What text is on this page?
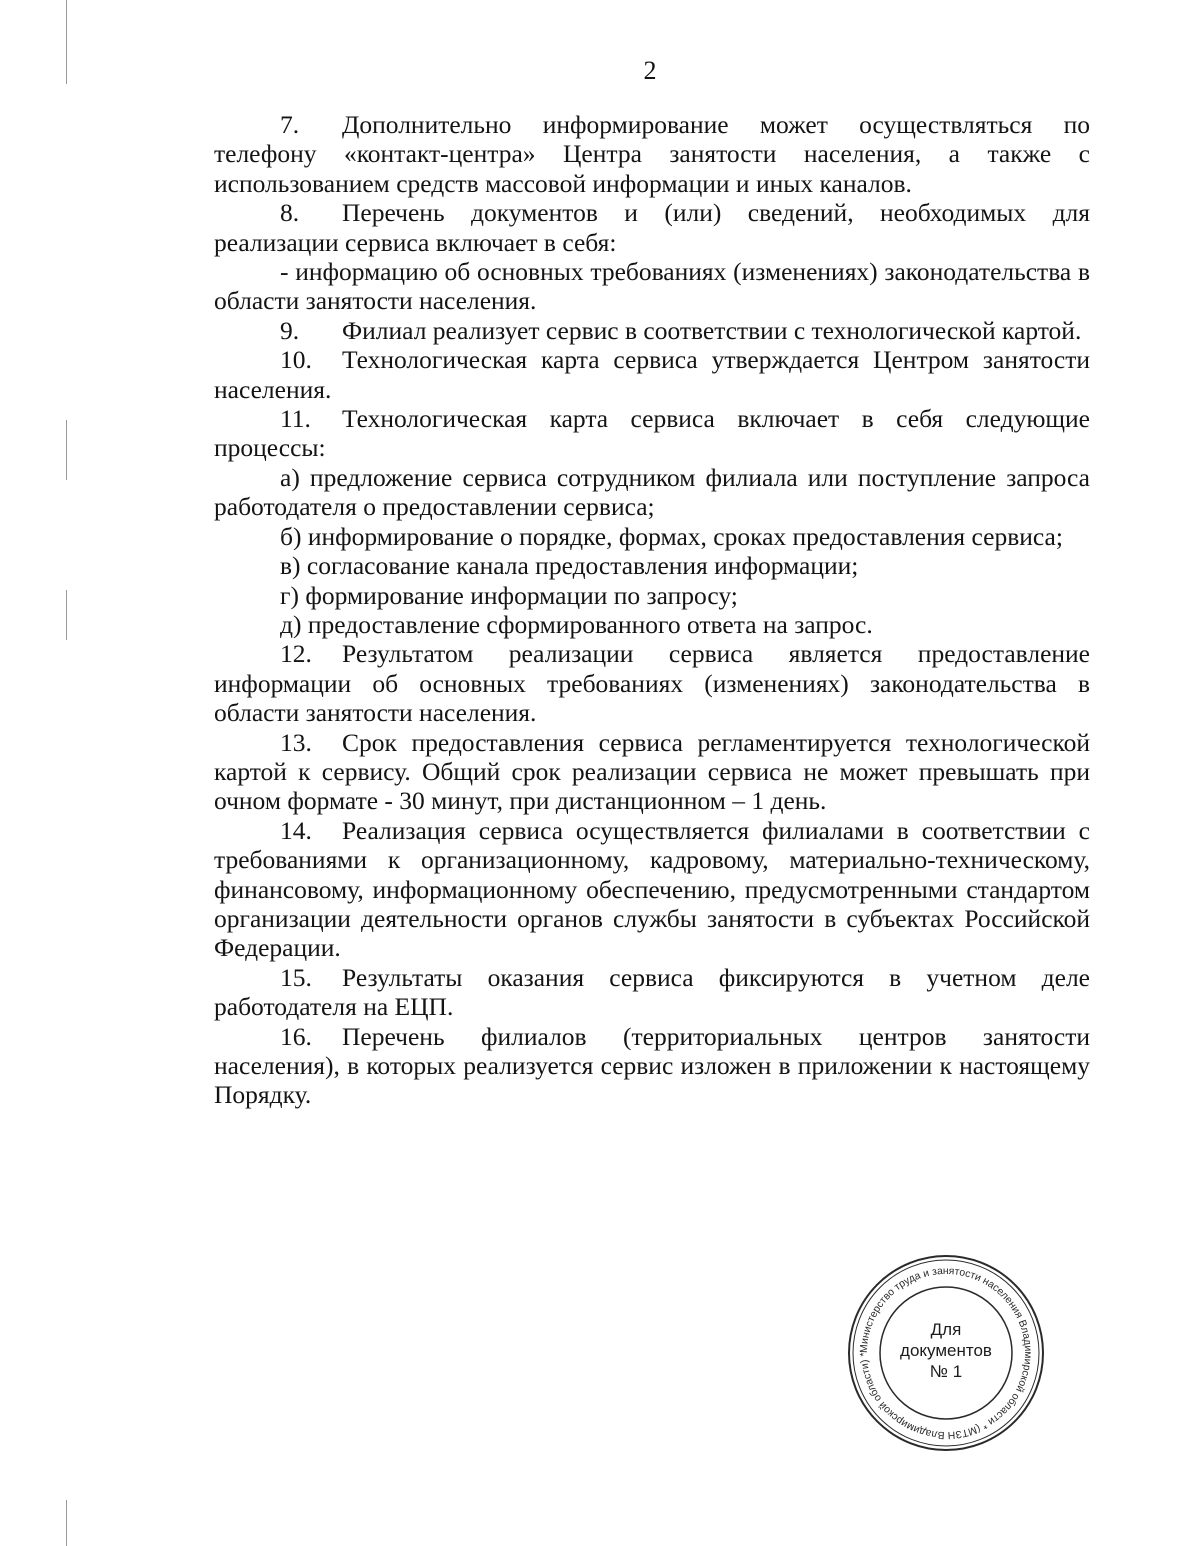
2

7. Дополнительно информирование может осуществляться по телефону «контакт-центра» Центра занятости населения, а также с использованием средств массовой информации и иных каналов.

8. Перечень документов и (или) сведений, необходимых для реализации сервиса включает в себя:

- информацию об основных требованиях (изменениях) законодательства в области занятости населения.

9. Филиал реализует сервис в соответствии с технологической картой.

10. Технологическая карта сервиса утверждается Центром занятости населения.

11. Технологическая карта сервиса включает в себя следующие процессы:

а) предложение сервиса сотрудником филиала или поступление запроса работодателя о предоставлении сервиса;

б) информирование о порядке, формах, сроках предоставления сервиса;

в) согласование канала предоставления информации;

г) формирование информации по запросу;

д) предоставление сформированного ответа на запрос.

12. Результатом реализации сервиса является предоставление информации об основных требованиях (изменениях) законодательства в области занятости населения.

13. Срок предоставления сервиса регламентируется технологической картой к сервису. Общий срок реализации сервиса не может превышать при очном формате - 30 минут, при дистанционном – 1 день.

14. Реализация сервиса осуществляется филиалами в соответствии с требованиями к организационному, кадровому, материально-техническому, финансовому, информационному обеспечению, предусмотренными стандартом организации деятельности органов службы занятости в субъектах Российской Федерации.

15. Результаты оказания сервиса фиксируются в учетном деле работодателя на ЕЦП.

16. Перечень филиалов (территориальных центров занятости населения), в которых реализуется сервис изложен в приложении к настоящему Порядку.

Министерство труда и занятости населения Владимирской области * (МТЗН Владимирской области) *
Для
документов
№ 1
